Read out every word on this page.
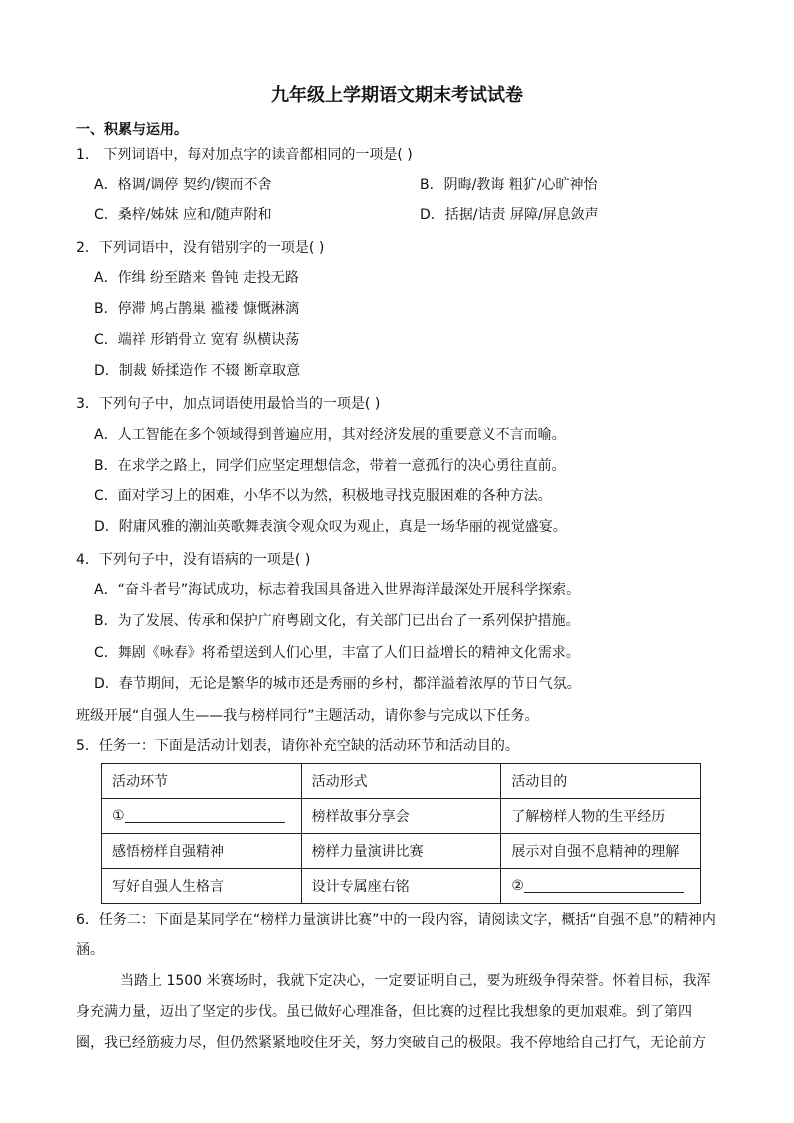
九年级上学期语文期末考试试卷
一、积累与运用。
1． 下列词语中，每对加点字的读音都相同的一项是( )
A．格调/调停 契约/锲而不舍	B．阴晦/教诲 粗犷/心旷神怡
C．桑梓/姊妹 应和/随声附和	D．括据/诘责 屏障/屏息敛声
2．下列词语中，没有错别字的一项是( )
A．作缉 纷至踏来 鲁钝 走投无路
B．停滞 鸠占鹊巢 褴褛 慷慨淋漓
C．端祥 形销骨立 宽宥 纵横诀荡
D．制裁 娇揉造作 不辍 断章取意
3．下列句子中，加点词语使用最恰当的一项是( )
A．人工智能在多个领域得到普遍应用，其对经济发展的重要意义不言而喻。
B．在求学之路上，同学们应坚定理想信念，带着一意孤行的决心勇往直前。
C．面对学习上的困难，小华不以为然，积极地寻找克服困难的各种方法。
D．附庸风雅的潮汕英歌舞表演令观众叹为观止，真是一场华丽的视觉盛宴。
4．下列句子中，没有语病的一项是( )
A．“奋斗者号”海试成功，标志着我国具备进入世界海洋最深处开展科学探索。
B．为了发展、传承和保护广府粤剧文化，有关部门已出台了一系列保护措施。
C．舞剧《咏春》将希望送到人们心里，丰富了人们日益增长的精神文化需求。
D．春节期间，无论是繁华的城市还是秀丽的乡村，都洋溢着浓厚的节日气氛。
班级开展“自强人生——我与榜样同行”主题活动，请你参与完成以下任务。
5．任务一：下面是活动计划表，请你补充空缺的活动环节和活动目的。
活动环节	活动形式	活动目的
①	榜样故事分享会	了解榜样人物的生平经历
感悟榜样自强精神	榜样力量演讲比赛	展示对自强不息精神的理解
写好自强人生格言	设计专属座右铭	②
6．任务二：下面是某同学在“榜样力量演讲比赛”中的一段内容，请阅读文字，概括“自强不息”的精神内
涵。
当踏上 1500 米赛场时，我就下定决心，一定要证明自己，要为班级争得荣誉。怀着目标，我浑
身充满力量，迈出了坚定的步伐。虽已做好心理准备，但比赛的过程比我想象的更加艰难。到了第四
圈，我已经筋疲力尽，但仍然紧紧地咬住牙关，努力突破自己的极限。我不停地给自己打气，无论前方
